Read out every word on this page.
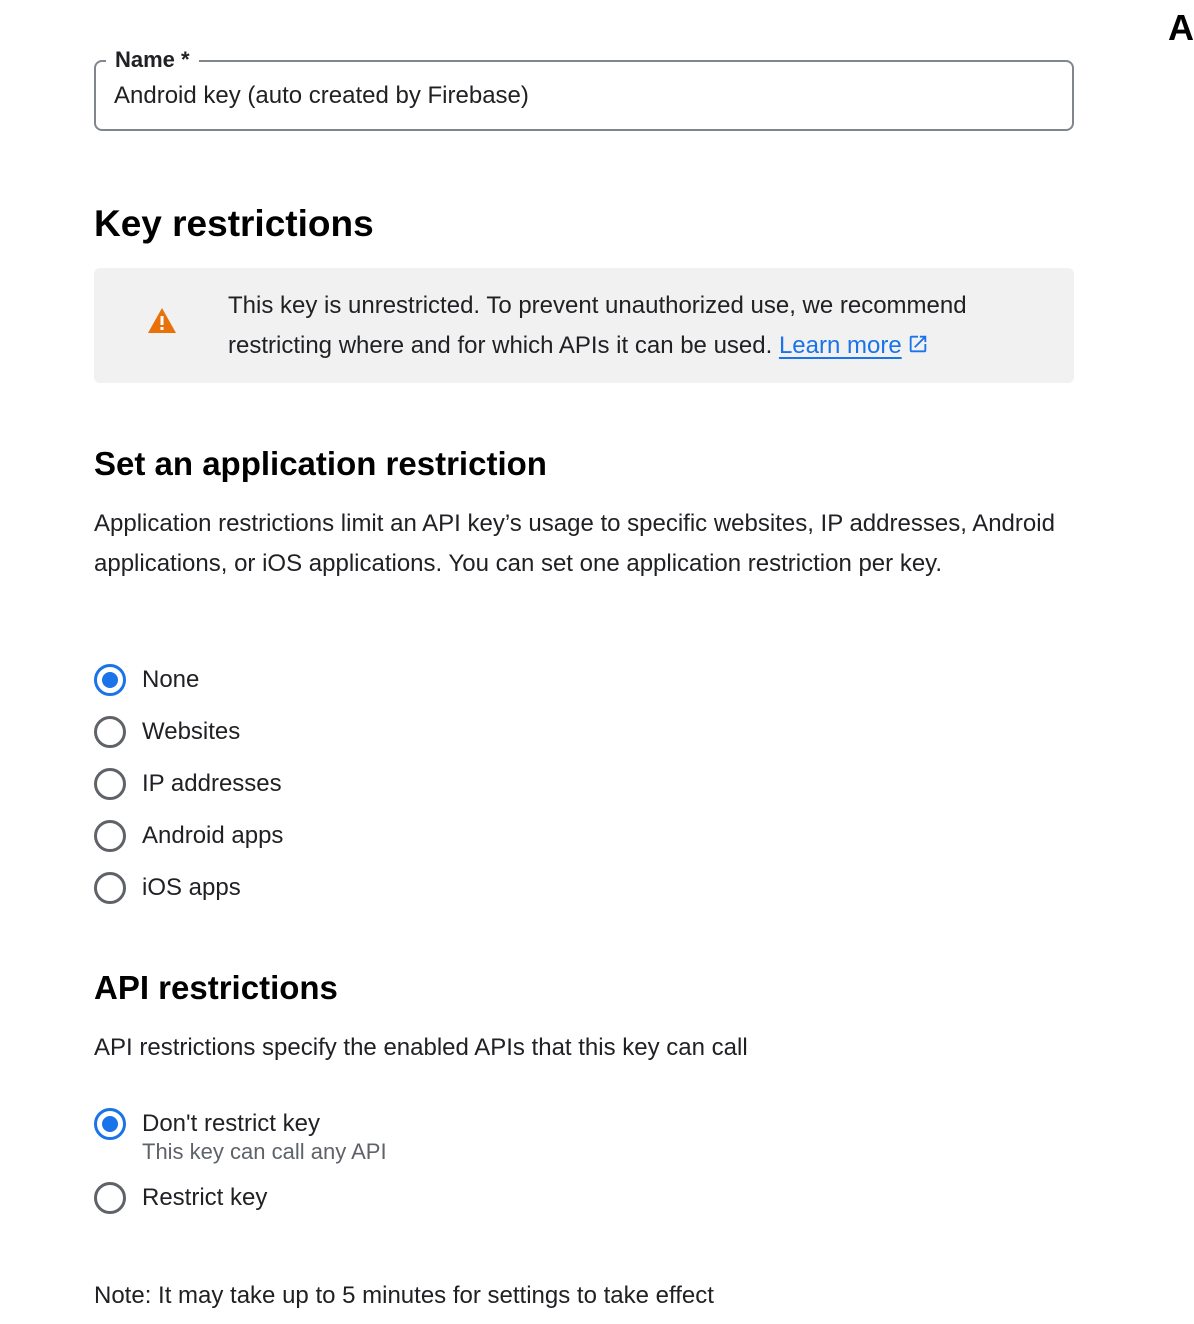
A
Name *
Android key (auto created by Firebase)
Key restrictions
This key is unrestricted. To prevent unauthorized use, we recommend restricting where and for which APIs it can be used. Learn more
Set an application restriction

Application restrictions limit an API key’s usage to specific websites, IP addresses, Android applications, or iOS applications. You can set one application restriction per key.

None
Websites
IP addresses
Android apps
iOS apps
API restrictions

API restrictions specify the enabled APIs that this key can call

Don't restrict key
This key can call any API
Restrict key

Note: It may take up to 5 minutes for settings to take effect
